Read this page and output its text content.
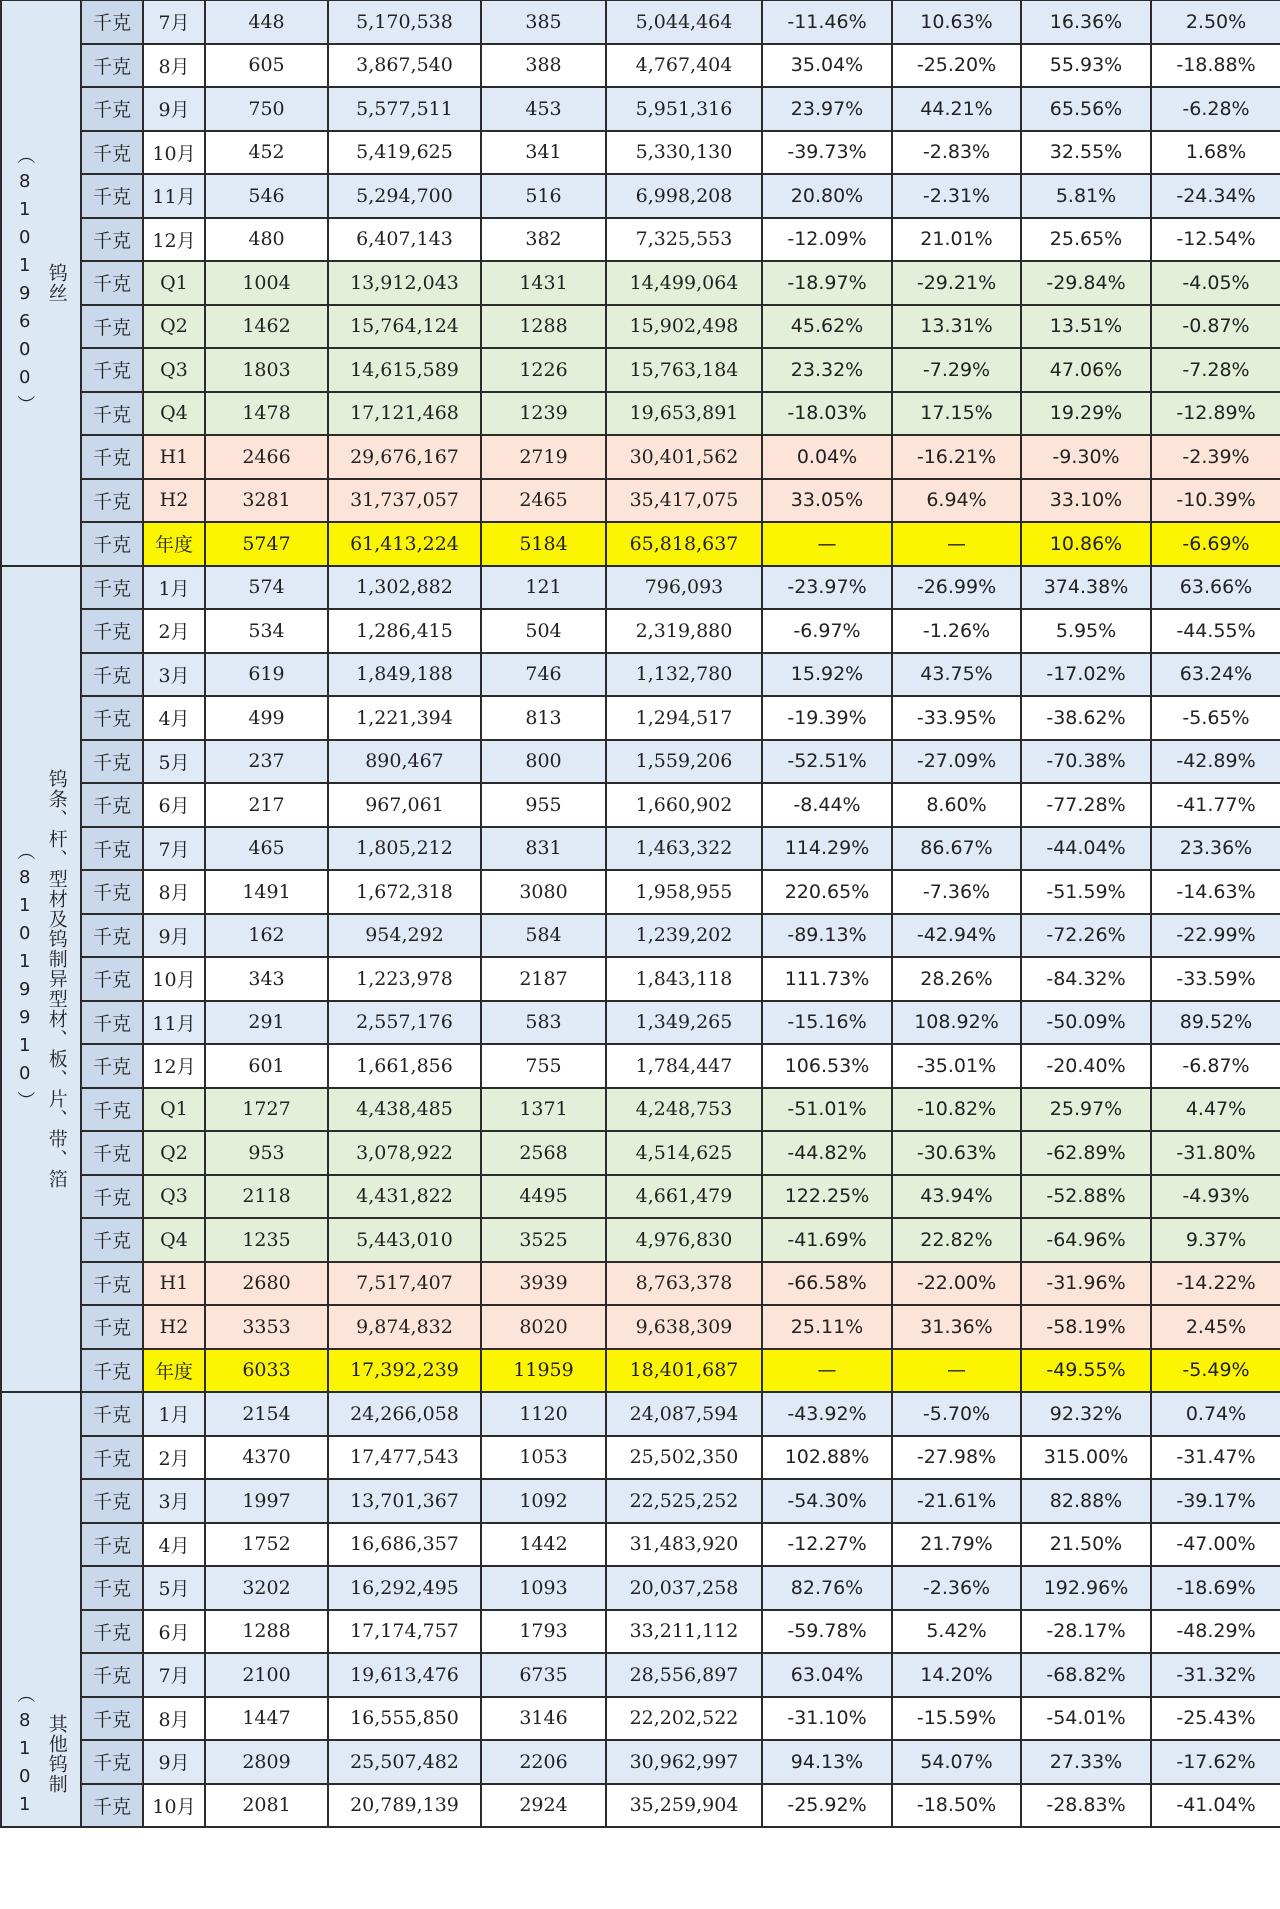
钨丝
（81019600）	千克	7月	448	5,170,538	385	5,044,464	-11.46%	10.63%	16.36%	2.50%
	千克	8月	605	3,867,540	388	4,767,404	35.04%	-25.20%	55.93%	-18.88%
	千克	9月	750	5,577,511	453	5,951,316	23.97%	44.21%	65.56%	-6.28%
	千克	10月	452	5,419,625	341	5,330,130	-39.73%	-2.83%	32.55%	1.68%
	千克	11月	546	5,294,700	516	6,998,208	20.80%	-2.31%	5.81%	-24.34%
	千克	12月	480	6,407,143	382	7,325,553	-12.09%	21.01%	25.65%	-12.54%
	千克	Q1	1004	13,912,043	1431	14,499,064	-18.97%	-29.21%	-29.84%	-4.05%
	千克	Q2	1462	15,764,124	1288	15,902,498	45.62%	13.31%	13.51%	-0.87%
	千克	Q3	1803	14,615,589	1226	15,763,184	23.32%	-7.29%	47.06%	-7.28%
	千克	Q4	1478	17,121,468	1239	19,653,891	-18.03%	17.15%	19.29%	-12.89%
	千克	H1	2466	29,676,167	2719	30,401,562	0.04%	-16.21%	-9.30%	-2.39%
	千克	H2	3281	31,737,057	2465	35,417,075	33.05%	6.94%	33.10%	-10.39%
	千克	年度	5747	61,413,224	5184	65,818,637	—	—	10.86%	-6.69%

钨条、杆、型材及钨制异型材、板、片、带、箔
（81019910）	千克	1月	574	1,302,882	121	796,093	-23.97%	-26.99%	374.38%	63.66%
	千克	2月	534	1,286,415	504	2,319,880	-6.97%	-1.26%	5.95%	-44.55%
	千克	3月	619	1,849,188	746	1,132,780	15.92%	43.75%	-17.02%	63.24%
	千克	4月	499	1,221,394	813	1,294,517	-19.39%	-33.95%	-38.62%	-5.65%
	千克	5月	237	890,467	800	1,559,206	-52.51%	-27.09%	-70.38%	-42.89%
	千克	6月	217	967,061	955	1,660,902	-8.44%	8.60%	-77.28%	-41.77%
	千克	7月	465	1,805,212	831	1,463,322	114.29%	86.67%	-44.04%	23.36%
	千克	8月	1491	1,672,318	3080	1,958,955	220.65%	-7.36%	-51.59%	-14.63%
	千克	9月	162	954,292	584	1,239,202	-89.13%	-42.94%	-72.26%	-22.99%
	千克	10月	343	1,223,978	2187	1,843,118	111.73%	28.26%	-84.32%	-33.59%
	千克	11月	291	2,557,176	583	1,349,265	-15.16%	108.92%	-50.09%	89.52%
	千克	12月	601	1,661,856	755	1,784,447	106.53%	-35.01%	-20.40%	-6.87%
	千克	Q1	1727	4,438,485	1371	4,248,753	-51.01%	-10.82%	25.97%	4.47%
	千克	Q2	953	3,078,922	2568	4,514,625	-44.82%	-30.63%	-62.89%	-31.80%
	千克	Q3	2118	4,431,822	4495	4,661,479	122.25%	43.94%	-52.88%	-4.93%
	千克	Q4	1235	5,443,010	3525	4,976,830	-41.69%	22.82%	-64.96%	9.37%
	千克	H1	2680	7,517,407	3939	8,763,378	-66.58%	-22.00%	-31.96%	-14.22%
	千克	H2	3353	9,874,832	8020	9,638,309	25.11%	31.36%	-58.19%	2.45%
	千克	年度	6033	17,392,239	11959	18,401,687	—	—	-49.55%	-5.49%

其他钨制
（8101	千克	1月	2154	24,266,058	1120	24,087,594	-43.92%	-5.70%	92.32%	0.74%
	千克	2月	4370	17,477,543	1053	25,502,350	102.88%	-27.98%	315.00%	-31.47%
	千克	3月	1997	13,701,367	1092	22,525,252	-54.30%	-21.61%	82.88%	-39.17%
	千克	4月	1752	16,686,357	1442	31,483,920	-12.27%	21.79%	21.50%	-47.00%
	千克	5月	3202	16,292,495	1093	20,037,258	82.76%	-2.36%	192.96%	-18.69%
	千克	6月	1288	17,174,757	1793	33,211,112	-59.78%	5.42%	-28.17%	-48.29%
	千克	7月	2100	19,613,476	6735	28,556,897	63.04%	14.20%	-68.82%	-31.32%
	千克	8月	1447	16,555,850	3146	22,202,522	-31.10%	-15.59%	-54.01%	-25.43%
	千克	9月	2809	25,507,482	2206	30,962,997	94.13%	54.07%	27.33%	-17.62%
	千克	10月	2081	20,789,139	2924	35,259,904	-25.92%	-18.50%	-28.83%	-41.04%
